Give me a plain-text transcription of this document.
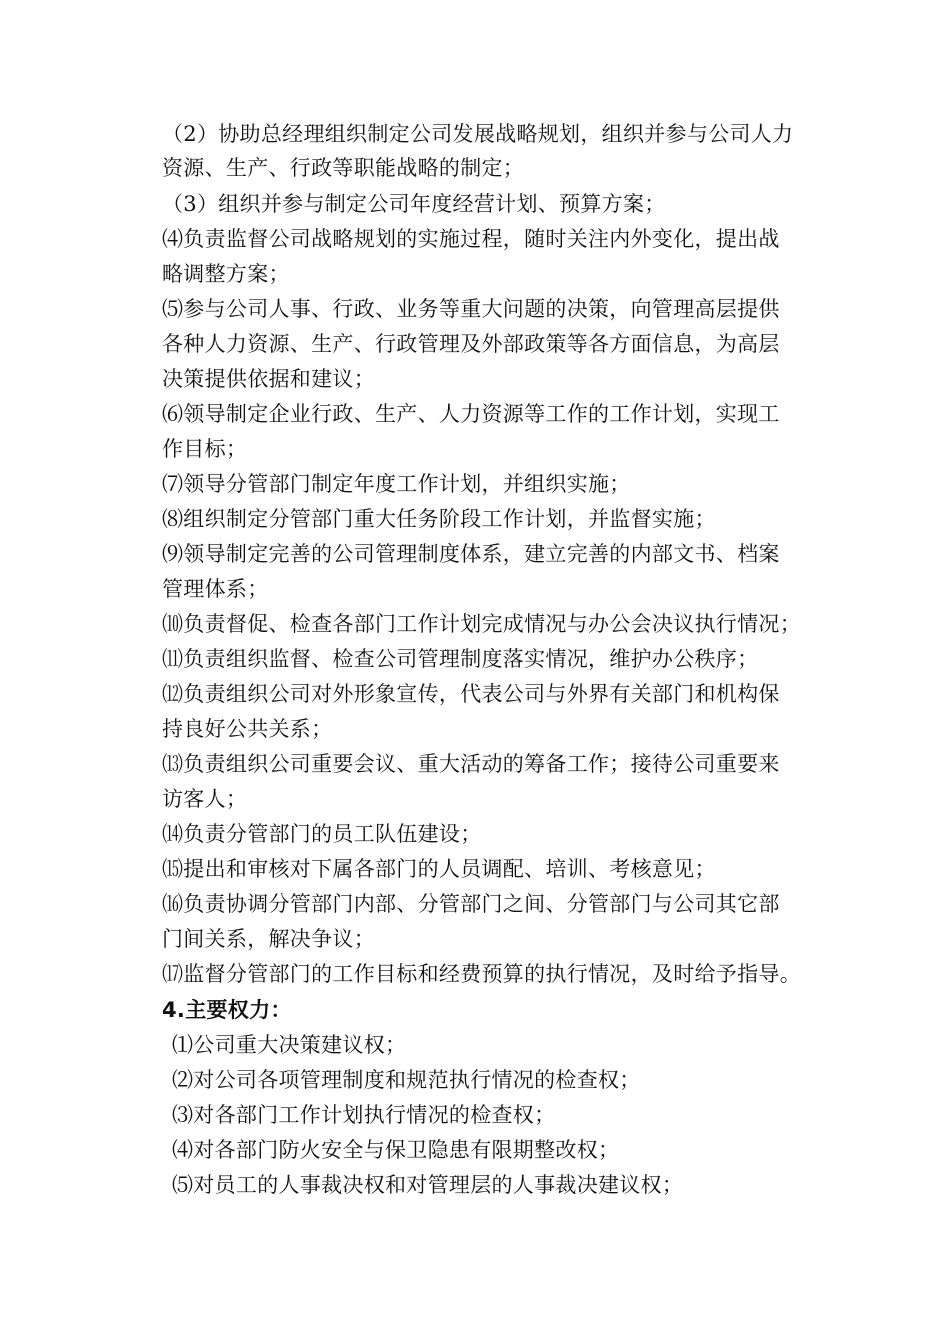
（2）协助总经理组织制定公司发展战略规划，组织并参与公司人力
资源、生产、行政等职能战略的制定；
（3）组织并参与制定公司年度经营计划、预算方案；
⑷负责监督公司战略规划的实施过程，随时关注内外变化，提出战
略调整方案；
⑸参与公司人事、行政、业务等重大问题的决策，向管理高层提供
各种人力资源、生产、行政管理及外部政策等各方面信息，为高层
决策提供依据和建议；
⑹领导制定企业行政、生产、人力资源等工作的工作计划，实现工
作目标；
⑺领导分管部门制定年度工作计划，并组织实施；
⑻组织制定分管部门重大任务阶段工作计划，并监督实施；
⑼领导制定完善的公司管理制度体系，建立完善的内部文书、档案
管理体系；
⑽负责督促、检查各部门工作计划完成情况与办公会决议执行情况；
⑾负责组织监督、检查公司管理制度落实情况，维护办公秩序；
⑿负责组织公司对外形象宣传，代表公司与外界有关部门和机构保
持良好公共关系；
⒀负责组织公司重要会议、重大活动的筹备工作；接待公司重要来
访客人；
⒁负责分管部门的员工队伍建设；
⒂提出和审核对下属各部门的人员调配、培训、考核意见；
⒃负责协调分管部门内部、分管部门之间、分管部门与公司其它部
门间关系，解决争议；
⒄监督分管部门的工作目标和经费预算的执行情况，及时给予指导。
4.主要权力：
⑴公司重大决策建议权；
⑵对公司各项管理制度和规范执行情况的检查权；
⑶对各部门工作计划执行情况的检查权；
⑷对各部门防火安全与保卫隐患有限期整改权；
⑸对员工的人事裁决权和对管理层的人事裁决建议权；
